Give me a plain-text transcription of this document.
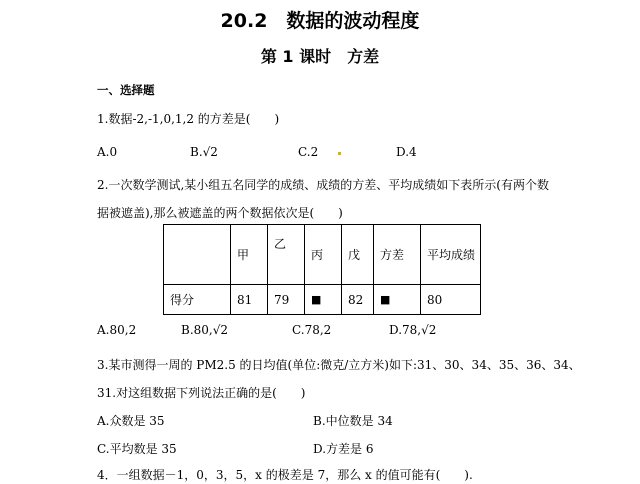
20.2　数据的波动程度
第 1 课时　方差
一、选择题
1.数据-2,-1,0,1,2 的方差是(　　)
A.0	B.√2	C.2	D.4
2.一次数学测试,某小组五名同学的成绩、成绩的方差、平均成绩如下表所示(有两个数
据被遮盖),那么被遮盖的两个数据依次是(　　)
	甲	乙	丙	戊	方差	平均成绩
得分	81	79	■	82	■	80
A.80,2	B.80,√2	C.78,2	D.78,√2
3.某市测得一周的 PM2.5 的日均值(单位:微克/立方米)如下:31、30、34、35、36、34、
31.对这组数据下列说法正确的是(　　)
A.众数是 35	B.中位数是 34
C.平均数是 35	D.方差是 6
4．一组数据－1，0，3，5，x 的极差是 7，那么 x 的值可能有(　　).
